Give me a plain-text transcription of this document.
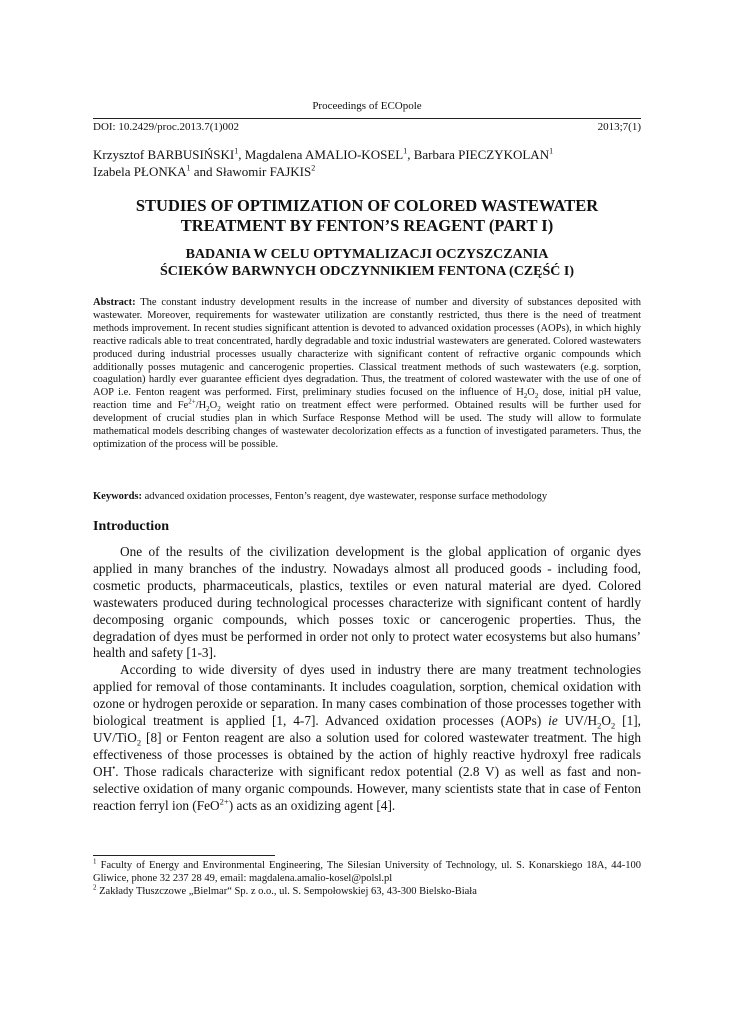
Proceedings of ECOpole
DOI: 10.2429/proc.2013.7(1)002	2013;7(1)
Krzysztof BARBUSIŃSKI$^1$, Magdalena AMALIO-KOSEL$^1$, Barbara PIECZYKOLAN$^1$
Izabela PŁONKA$^1$ and Sławomir FAJKIS$^2$
STUDIES OF OPTIMIZATION OF COLORED WASTEWATER
TREATMENT BY FENTON’S REAGENT (PART I)
BADANIA W CELU OPTYMALIZACJI OCZYSZCZANIA
ŚCIEKÓW BARWNYCH ODCZYNNIKIEM FENTONA (CZĘŚĆ I)
Abstract: The constant industry development results in the increase of number and diversity of substances deposited with wastewater. Moreover, requirements for wastewater utilization are constantly restricted, thus there is the need of treatment methods improvement. In recent studies significant attention is devoted to advanced oxidation processes (AOPs), in which highly reactive radicals able to treat concentrated, hardly degradable and toxic industrial wastewaters are generated. Colored wastewaters produced during industrial processes usually characterize with significant content of refractive organic compounds which additionally posses mutagenic and cancerogenic properties. Classical treatment methods of such wastewaters (e.g. sorption, coagulation) hardly ever guarantee efficient dyes degradation. Thus, the treatment of colored wastewater with the use of one of AOP i.e. Fenton reagent was performed. First, preliminary studies focused on the influence of $H_2O_2$ dose, initial pH value, reaction time and $Fe^{2+}/H_2O_2$ weight ratio on treatment effect were performed. Obtained results will be further used for development of crucial studies plan in which Surface Response Method will be used. The study will allow to formulate mathematical models describing changes of wastewater decolorization effects as a function of investigated parameters. Thus, the optimization of the process will be possible.
Keywords: advanced oxidation processes, Fenton’s reagent, dye wastewater, response surface methodology
Introduction

One of the results of the civilization development is the global application of organic dyes applied in many branches of the industry. Nowadays almost all produced goods - including food, cosmetic products, pharmaceuticals, plastics, textiles or even natural material are dyed. Colored wastewaters produced during technological processes characterize with significant content of hardly decomposing organic compounds, which posses toxic or cancerogenic properties. Thus, the degradation of dyes must be performed in order not only to protect water ecosystems but also humans’ health and safety [1-3].

According to wide diversity of dyes used in industry there are many treatment technologies applied for removal of those contaminants. It includes coagulation, sorption, chemical oxidation with ozone or hydrogen peroxide or separation. In many cases combination of those processes together with biological treatment is applied [1, 4-7]. Advanced oxidation processes (AOPs) ie $UV/H_2O_2$ [1], UV/TiO$_2$ [8] or Fenton reagent are also a solution used for colored wastewater treatment. The high effectiveness of those processes is obtained by the action of highly reactive hydroxyl free radicals OH•. Those radicals characterize with significant redox potential (2.8 V) as well as fast and non-selective oxidation of many organic compounds. However, many scientists state that in case of Fenton reaction ferryl ion (FeO$^{2+}$) acts as an oxidizing agent [4].

$^1$ Faculty of Energy and Environmental Engineering, The Silesian University of Technology, ul. S. Konarskiego 18A, 44-100 Gliwice, phone 32 237 28 49, email: magdalena.amalio-kosel@polsl.pl

$^2$ Zakłady Tłuszczowe „Bielmar“ Sp. z o.o., ul. S. Sempołowskiej 63, 43-300 Bielsko-Biała
